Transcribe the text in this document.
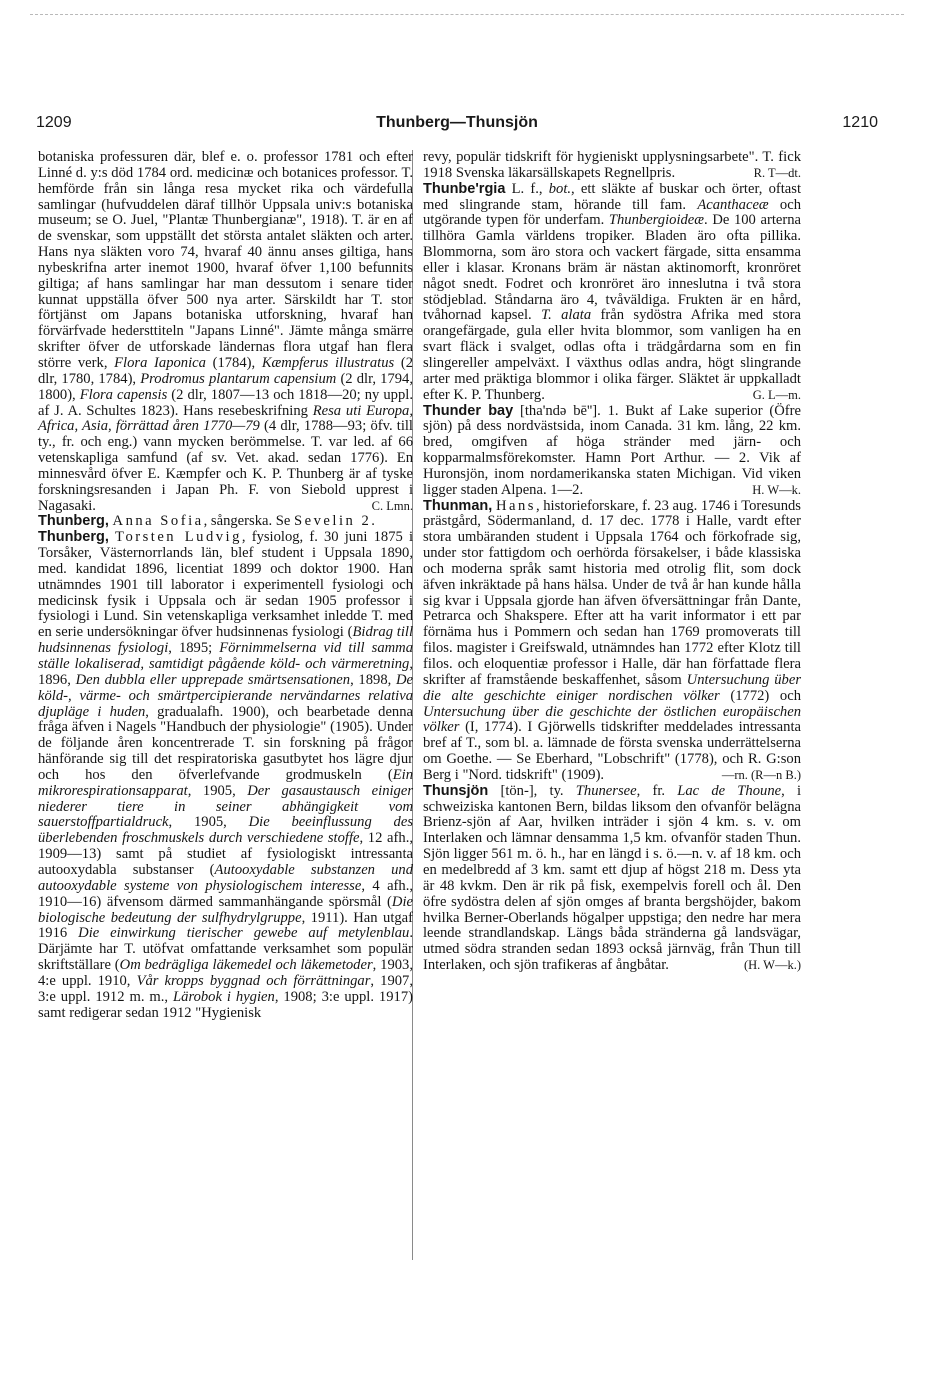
1209	Thunberg—Thunsjön	1210

botaniska professuren där, blef e. o. professor 1781 och efter Linné d. y:s död 1784 ord. medicinæ och botanices professor. T. hemförde från sin långa resa mycket rika och värdefulla samlingar (hufvuddelen däraf tillhör Uppsala univ:s botaniska museum; se O. Juel, "Plantæ Thunbergianæ", 1918). T. är en af de svenskar, som uppställt det största antalet släkten och arter. Hans nya släkten voro 74, hvaraf 40 ännu anses giltiga, hans nybeskrifna arter inemot 1900, hvaraf öfver 1,100 befunnits giltiga; af hans samlingar har man dessutom i senare tider kunnat uppställa öfver 500 nya arter. Särskildt har T. stor förtjänst om Japans botaniska utforskning, hvaraf han förvärfvade hedersttiteln "Japans Linné". Jämte många smärre skrifter öfver de utforskade ländernas flora utgaf han flera större verk, Flora Iaponica (1784), Kæmpferus illustratus (2 dlr, 1780, 1784), Prodromus plantarum capensium (2 dlr, 1794, 1800), Flora capensis (2 dlr, 1807—13 och 1818—20; ny uppl. af J. A. Schultes 1823). Hans resebeskrifning Resa uti Europa, Africa, Asia, förrättad åren 1770—79 (4 dlr, 1788—93; öfv. till ty., fr. och eng.) vann mycken berömmelse. T. var led. af 66 vetenskapliga samfund (af sv. Vet. akad. sedan 1776). En minnesvård öfver E. Kæmpfer och K. P. Thunberg är af tyske forskningsresanden i Japan Ph. F. von Siebold upprest i Nagasaki.	C. Lmn.

Thunberg, Anna Sofia, sångerska. Se Sevelin 2.

Thunberg, Torsten Ludvig, fysiolog, f. 30 juni 1875 i Torsåker, Västernorrlands län, blef student i Uppsala 1890, med. kandidat 1896, licentiat 1899 och doktor 1900. Han utnämndes 1901 till laborator i experimentell fysiologi och medicinsk fysik i Uppsala och är sedan 1905 professor i fysiologi i Lund. Sin vetenskapliga verksamhet inledde T. med en serie undersökningar öfver hudsinnenas fysiologi (Bidrag till hudsinnenas fysiologi, 1895; Förnimmelserna vid till samma ställe lokaliserad, samtidigt pågående köld- och värmeretning, 1896, Den dubbla eller upprepade smärtsensationen, 1898, De köld-, värme- och smärtpercipierande nervändarnes relativa djupläge i huden, gradualafh. 1900), och bearbetade denna fråga äfven i Nagels "Handbuch der physiologie" (1905). Under de följande åren koncentrerade T. sin forskning på frågor hänförande sig till det respiratoriska gasutbytet hos lägre djur och hos den öfverlefvande grodmuskeln (Ein mikrorespirationsapparat, 1905, Der gasaustausch einiger niederer tiere in seiner abhängigkeit vom sauerstoffpartialdruck, 1905, Die beeinflussung des überlebenden froschmuskels durch verschiedene stoffe, 12 afh., 1909—13) samt på studiet af fysiologiskt intressanta autooxydabla substanser (Autooxydable substanzen und autooxydable systeme von physiologischem interesse, 4 afh., 1910—16) äfvensom därmed sammanhängande spörsmål (Die biologische bedeutung der sulfhydrylgruppe, 1911). Han utgaf 1916 Die einwirkung tierischer gewebe auf metylenblau. Därjämte har T. utöfvat omfattande verksamhet som populär skriftställare (Om bedrägliga läkemedel och läkemetoder, 1903, 4:e uppl. 1910, Vår kropps byggnad och förrättningar, 1907, 3:e uppl. 1912 m. m., Lärobok i hygien, 1908; 3:e uppl. 1917) samt redigerar sedan 1912 "Hygienisk

revy, populär tidskrift för hygieniskt upplysningsarbete". T. fick 1918 Svenska läkarsällskapets Regnellpris.	R. T—dt.

Thunbe'rgia L. f., bot., ett släkte af buskar och örter, oftast med slingrande stam, hörande till fam. Acanthaceæ och utgörande typen för underfam. Thunbergioideæ. De 100 arterna tillhöra Gamla världens tropiker. Bladen äro ofta pillika. Blommorna, som äro stora och vackert färgade, sitta ensamma eller i klasar. Kronans bräm är nästan aktinomorft, kronröret något snedt. Fodret och kronröret äro inneslutna i två stora stödjeblad. Ståndarna äro 4, tvåväldiga. Frukten är en hård, tvåhornad kapsel. T. alata från sydöstra Afrika med stora orangefärgade, gula eller hvita blommor, som vanligen ha en svart fläck i svalget, odlas ofta i trädgårdarna som en fin slingereller ampelväxt. I växthus odlas andra, högt slingrande arter med präktiga blommor i olika färger. Släktet är uppkalladt efter K. P. Thunberg.	G. L—m.

Thunder bay [tha'ndə bē'']. 1. Bukt af Lake superior (Öfre sjön) på dess nordvästsida, inom Canada. 31 km. lång, 22 km. bred, omgifven af höga stränder med järn- och kopparmalmsförekomster. Hamn Port Arthur. — 2. Vik af Huronsjön, inom nordamerikanska staten Michigan. Vid viken ligger staden Alpena. 1—2.	H. W—k.

Thunman, Hans, historieforskare, f. 23 aug. 1746 i Toresunds prästgård, Södermanland, d. 17 dec. 1778 i Halle, vardt efter stora umbäranden student i Uppsala 1764 och förkofrade sig, under stor fattigdom och oerhörda försakelser, i både klassiska och moderna språk samt historia med otrolig flit, som dock äfven inkräktade på hans hälsa. Under de två år han kunde hålla sig kvar i Uppsala gjorde han äfven öfversättningar från Dante, Petrarca och Shakspere. Efter att ha varit informator i ett par förnäma hus i Pommern och sedan han 1769 promoverats till filos. magister i Greifswald, utnämndes han 1772 efter Klotz till filos. och eloquentiæ professor i Halle, där han författade flera skrifter af framstående beskaffenhet, såsom Untersuchung über die alte geschichte einiger nordischen völker (1772) och Untersuchung über die geschichte der östlichen europäischen völker (I, 1774). I Gjörwells tidskrifter meddelades intressanta bref af T., som bl. a. lämnade de första svenska underrättelserna om Goethe. — Se Eberhard, "Lobschrift" (1778), och R. G:son Berg i "Nord. tidskrift" (1909).	—rn. (R—n B.)

Thunsjön [tön-], ty. Thunersee, fr. Lac de Thoune, i schweiziska kantonen Bern, bildas liksom den ofvanför belägna Brienz-sjön af Aar, hvilken inträder i sjön 4 km. s. v. om Interlaken och lämnar densamma 1,5 km. ofvanför staden Thun. Sjön ligger 561 m. ö. h., har en längd i s. ö.—n. v. af 18 km. och en medelbredd af 3 km. samt ett djup af högst 218 m. Dess yta är 48 kvkm. Den är rik på fisk, exempelvis forell och ål. Den öfre sydöstra delen af sjön omges af branta bergshöjder, bakom hvilka Berner-Oberlands högalper uppstiga; den nedre har mera leende strandlandskap. Längs båda stränderna gå landsvägar, utmed södra stranden sedan 1893 också järnväg, från Thun till Interlaken, och sjön trafikeras af ångbåtar.	(H. W—k.)
